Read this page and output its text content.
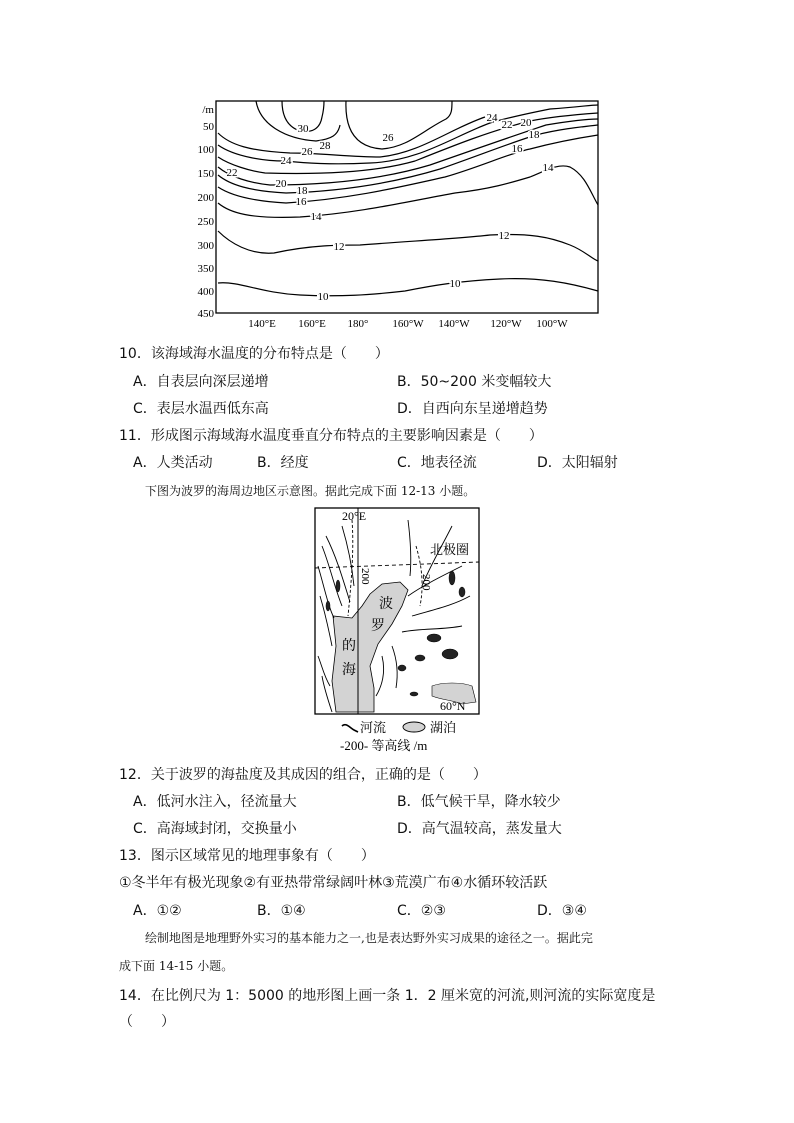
/m
50
100
150
200
250
300
350
400
450
140°E 160°E 180° 160°W 140°W 120°W 100°W
30
28
26
26
24
24
22
22
20
20
18
18
16
16
14
14
12
12
10
10
10．该海域海水温度的分布特点是（　　）
A．自表层向深层递增	B．50~200 米变幅较大
C．表层水温西低东高	D．自西向东呈递增趋势
11．形成图示海域海水温度垂直分布特点的主要影响因素是（　　）
A．人类活动	B．经度	C．地表径流	D．太阳辐射
下图为波罗的海周边地区示意图。据此完成下面 12-13 小题。
20°E
北极圈
200	200
波
罗
的
海
60°N
河流	湖泊
-200- 等高线 /m
12．关于波罗的海盐度及其成因的组合，正确的是（　　）
A．低河水注入，径流量大	B．低气候干旱，降水较少
C．高海域封闭，交换量小	D．高气温较高，蒸发量大
13．图示区域常见的地理事象有（　　）
①冬半年有极光现象②有亚热带常绿阔叶林③荒漠广布④水循环较活跃
A．①②	B．①④	C．②③	D．③④
绘制地图是地理野外实习的基本能力之一,也是表达野外实习成果的途径之一。据此完
成下面 14-15 小题。
14．在比例尺为 1：5000 的地形图上画一条 1．2 厘米宽的河流,则河流的实际宽度是
（　　）
